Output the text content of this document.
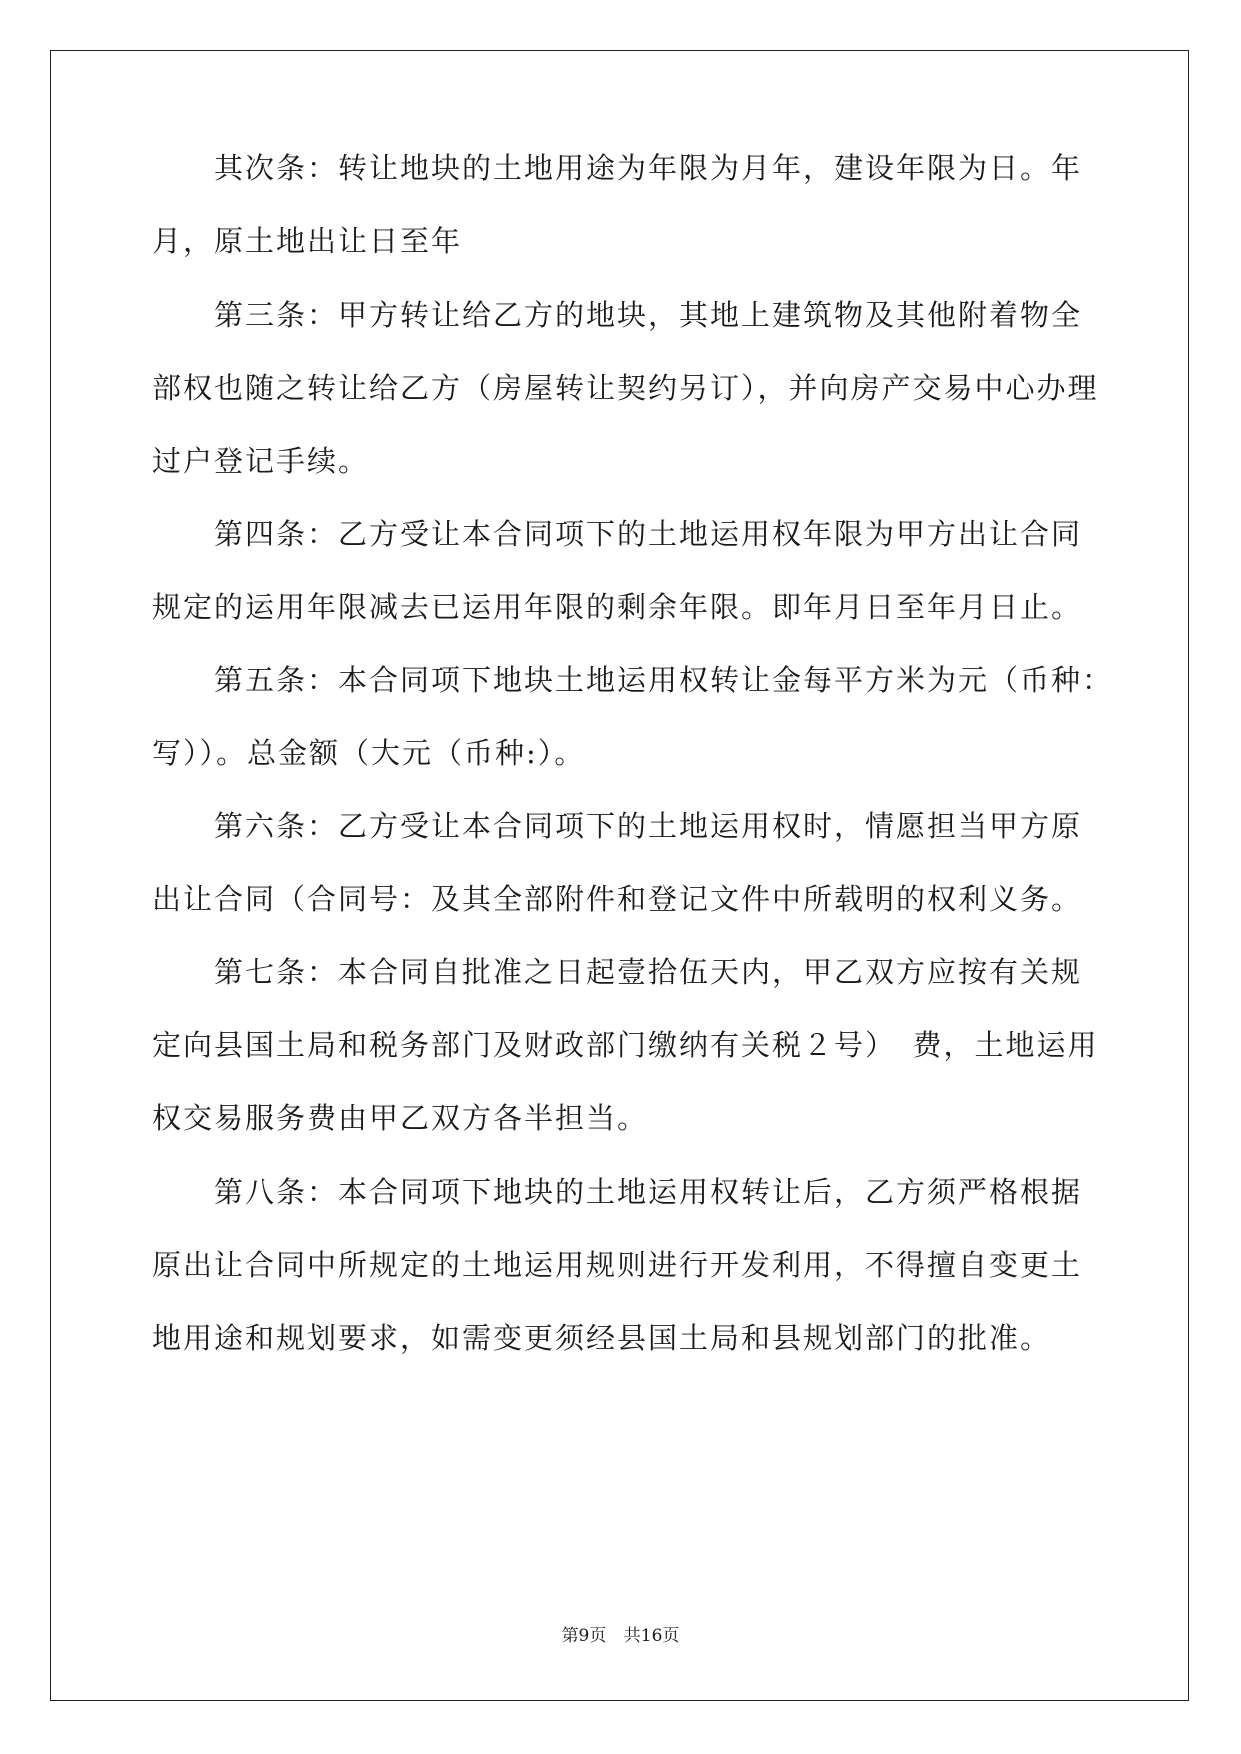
　　其次条：转让地块的土地用途为年限为月年，建设年限为日。年
月，原土地出让日至年
　　第三条：甲方转让给乙方的地块，其地上建筑物及其他附着物全
部权也随之转让给乙方（房屋转让契约另订），并向房产交易中心办理
过户登记手续。
　　第四条：乙方受让本合同项下的土地运用权年限为甲方出让合同
规定的运用年限减去已运用年限的剩余年限。即年月日至年月日止。
　　第五条：本合同项下地块土地运用权转让金每平方米为元（币种：
写））。总金额（大元（币种:）。
　　第六条：乙方受让本合同项下的土地运用权时，情愿担当甲方原
出让合同（合同号：及其全部附件和登记文件中所载明的权利义务。
　　第七条：本合同自批准之日起壹拾伍天内，甲乙双方应按有关规
定向县国土局和税务部门及财政部门缴纳有关税２号）　费，土地运用
权交易服务费由甲乙双方各半担当。
　　第八条：本合同项下地块的土地运用权转让后，乙方须严格根据
原出让合同中所规定的土地运用规则进行开发利用，不得擅自变更土
地用途和规划要求，如需变更须经县国土局和县规划部门的批准。
第9页 共16页
